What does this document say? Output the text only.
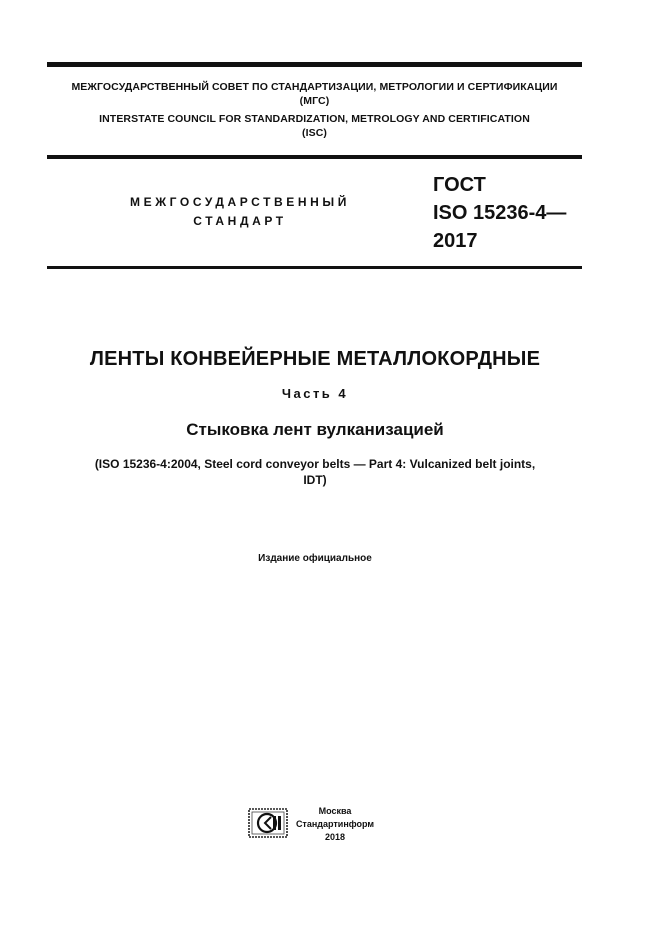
МЕЖГОСУДАРСТВЕННЫЙ СОВЕТ ПО СТАНДАРТИЗАЦИИ, МЕТРОЛОГИИ И СЕРТИФИКАЦИИ
(МГС)
INTERSTATE COUNCIL FOR STANDARDIZATION, METROLOGY AND CERTIFICATION
(ISC)
МЕЖГОСУДАРСТВЕННЫЙ
СТАНДАРТ
ГОСТ
ISO 15236-4—
2017
ЛЕНТЫ КОНВЕЙЕРНЫЕ МЕТАЛЛОКОРДНЫЕ
Часть 4
Стыковка лент вулканизацией
(ISO 15236-4:2004, Steel cord conveyor belts — Part 4: Vulcanized belt joints,
IDT)
Издание официальное
Москва
Стандартинформ
2018
